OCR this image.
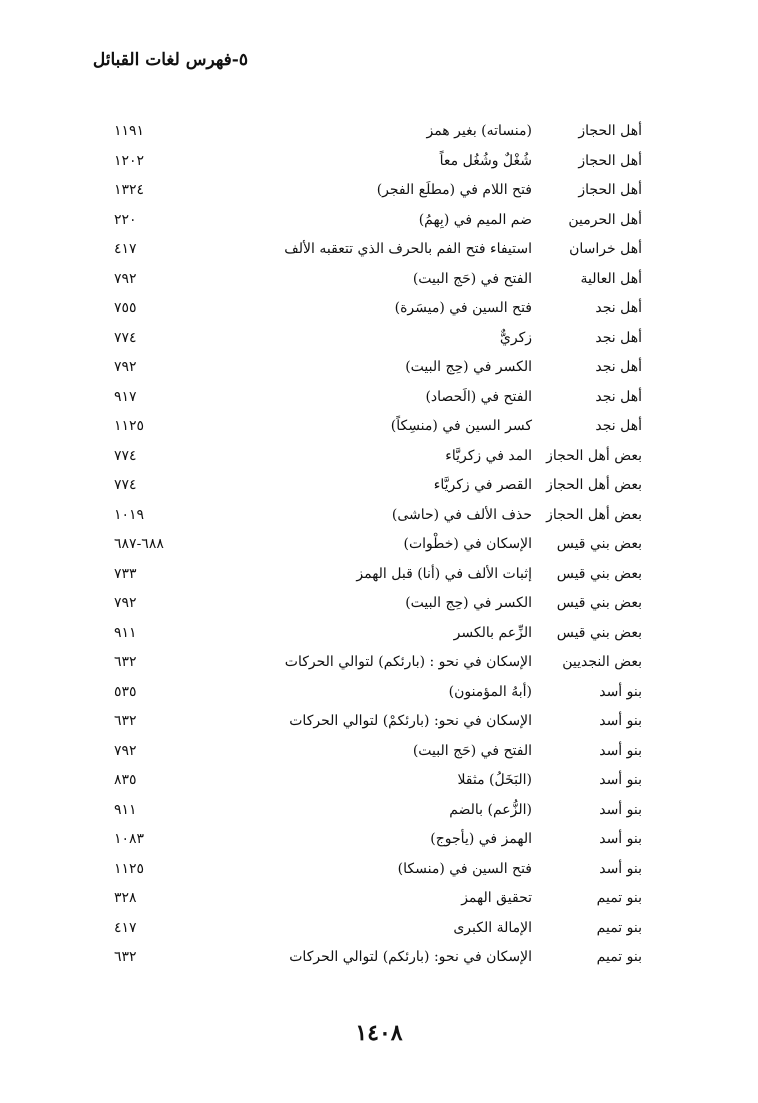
٥-فهرس لغات القبائل
أهل الحجاز
(منساته) بغير همز
١١٩١
أهل الحجاز
شُغْلٌ وشُغُل معاً
١٢٠٢
أهل الحجاز
فتح اللام في (مطلَع الفجر)
١٣٢٤
أهل الحرمين
ضم الميم في (بِهمُ)
٢٢٠
أهل خراسان
استيفاء فتح الفم بالحرف الذي تتعقبه الألف
٤١٧
أهل العالية
الفتح في (حَج البيت)
٧٩٢
أهل نجد
فتح السين في (ميسَرة)
٧٥٥
أهل نجد
زكريٌّ
٧٧٤
أهل نجد
الكسر في (حِج البيت)
٧٩٢
أهل نجد
الفتح في (الَحصاد)
٩١٧
أهل نجد
كسر السين في (منسِكاً)
١١٢٥
بعض أهل الحجاز
المد في زكريَّاء
٧٧٤
بعض أهل الحجاز
القصر في زكريَّاء
٧٧٤
بعض أهل الحجاز
حذف الألف في (حاشى)
١٠١٩
بعض بني قيس
الإسكان في (خطْوات)
٦٨٨-٦٨٧
بعض بني قيس
إثبات الألف في (أنا) قبل الهمز
٧٣٣
بعض بني قيس
الكسر في (حِج البيت)
٧٩٢
بعض بني قيس
الزِّعم بالكسر
٩١١
بعض النجديين
الإسكان في نحو : (بارئكم) لتوالي الحركات
٦٣٢
بنو أسد
(أبهُ المؤمنون)
٥٣٥
بنو أسد
الإسكان في نحو: (بارئكمْ) لتوالي الحركات
٦٣٢
بنو أسد
الفتح في (حَج البيت)
٧٩٢
بنو أسد
(البَخَلُ) مثقلا
٨٣٥
بنو أسد
(الزُّعم) بالضم
٩١١
بنو أسد
الهمز في (يأجوج)
١٠٨٣
بنو أسد
فتح السين في (منسكا)
١١٢٥
بنو تميم
تحقيق الهمز
٣٢٨
بنو تميم
الإمالة الكبرى
٤١٧
بنو تميم
الإسكان في نحو: (بارئكم) لتوالي الحركات
٦٣٢
١٤٠٨
